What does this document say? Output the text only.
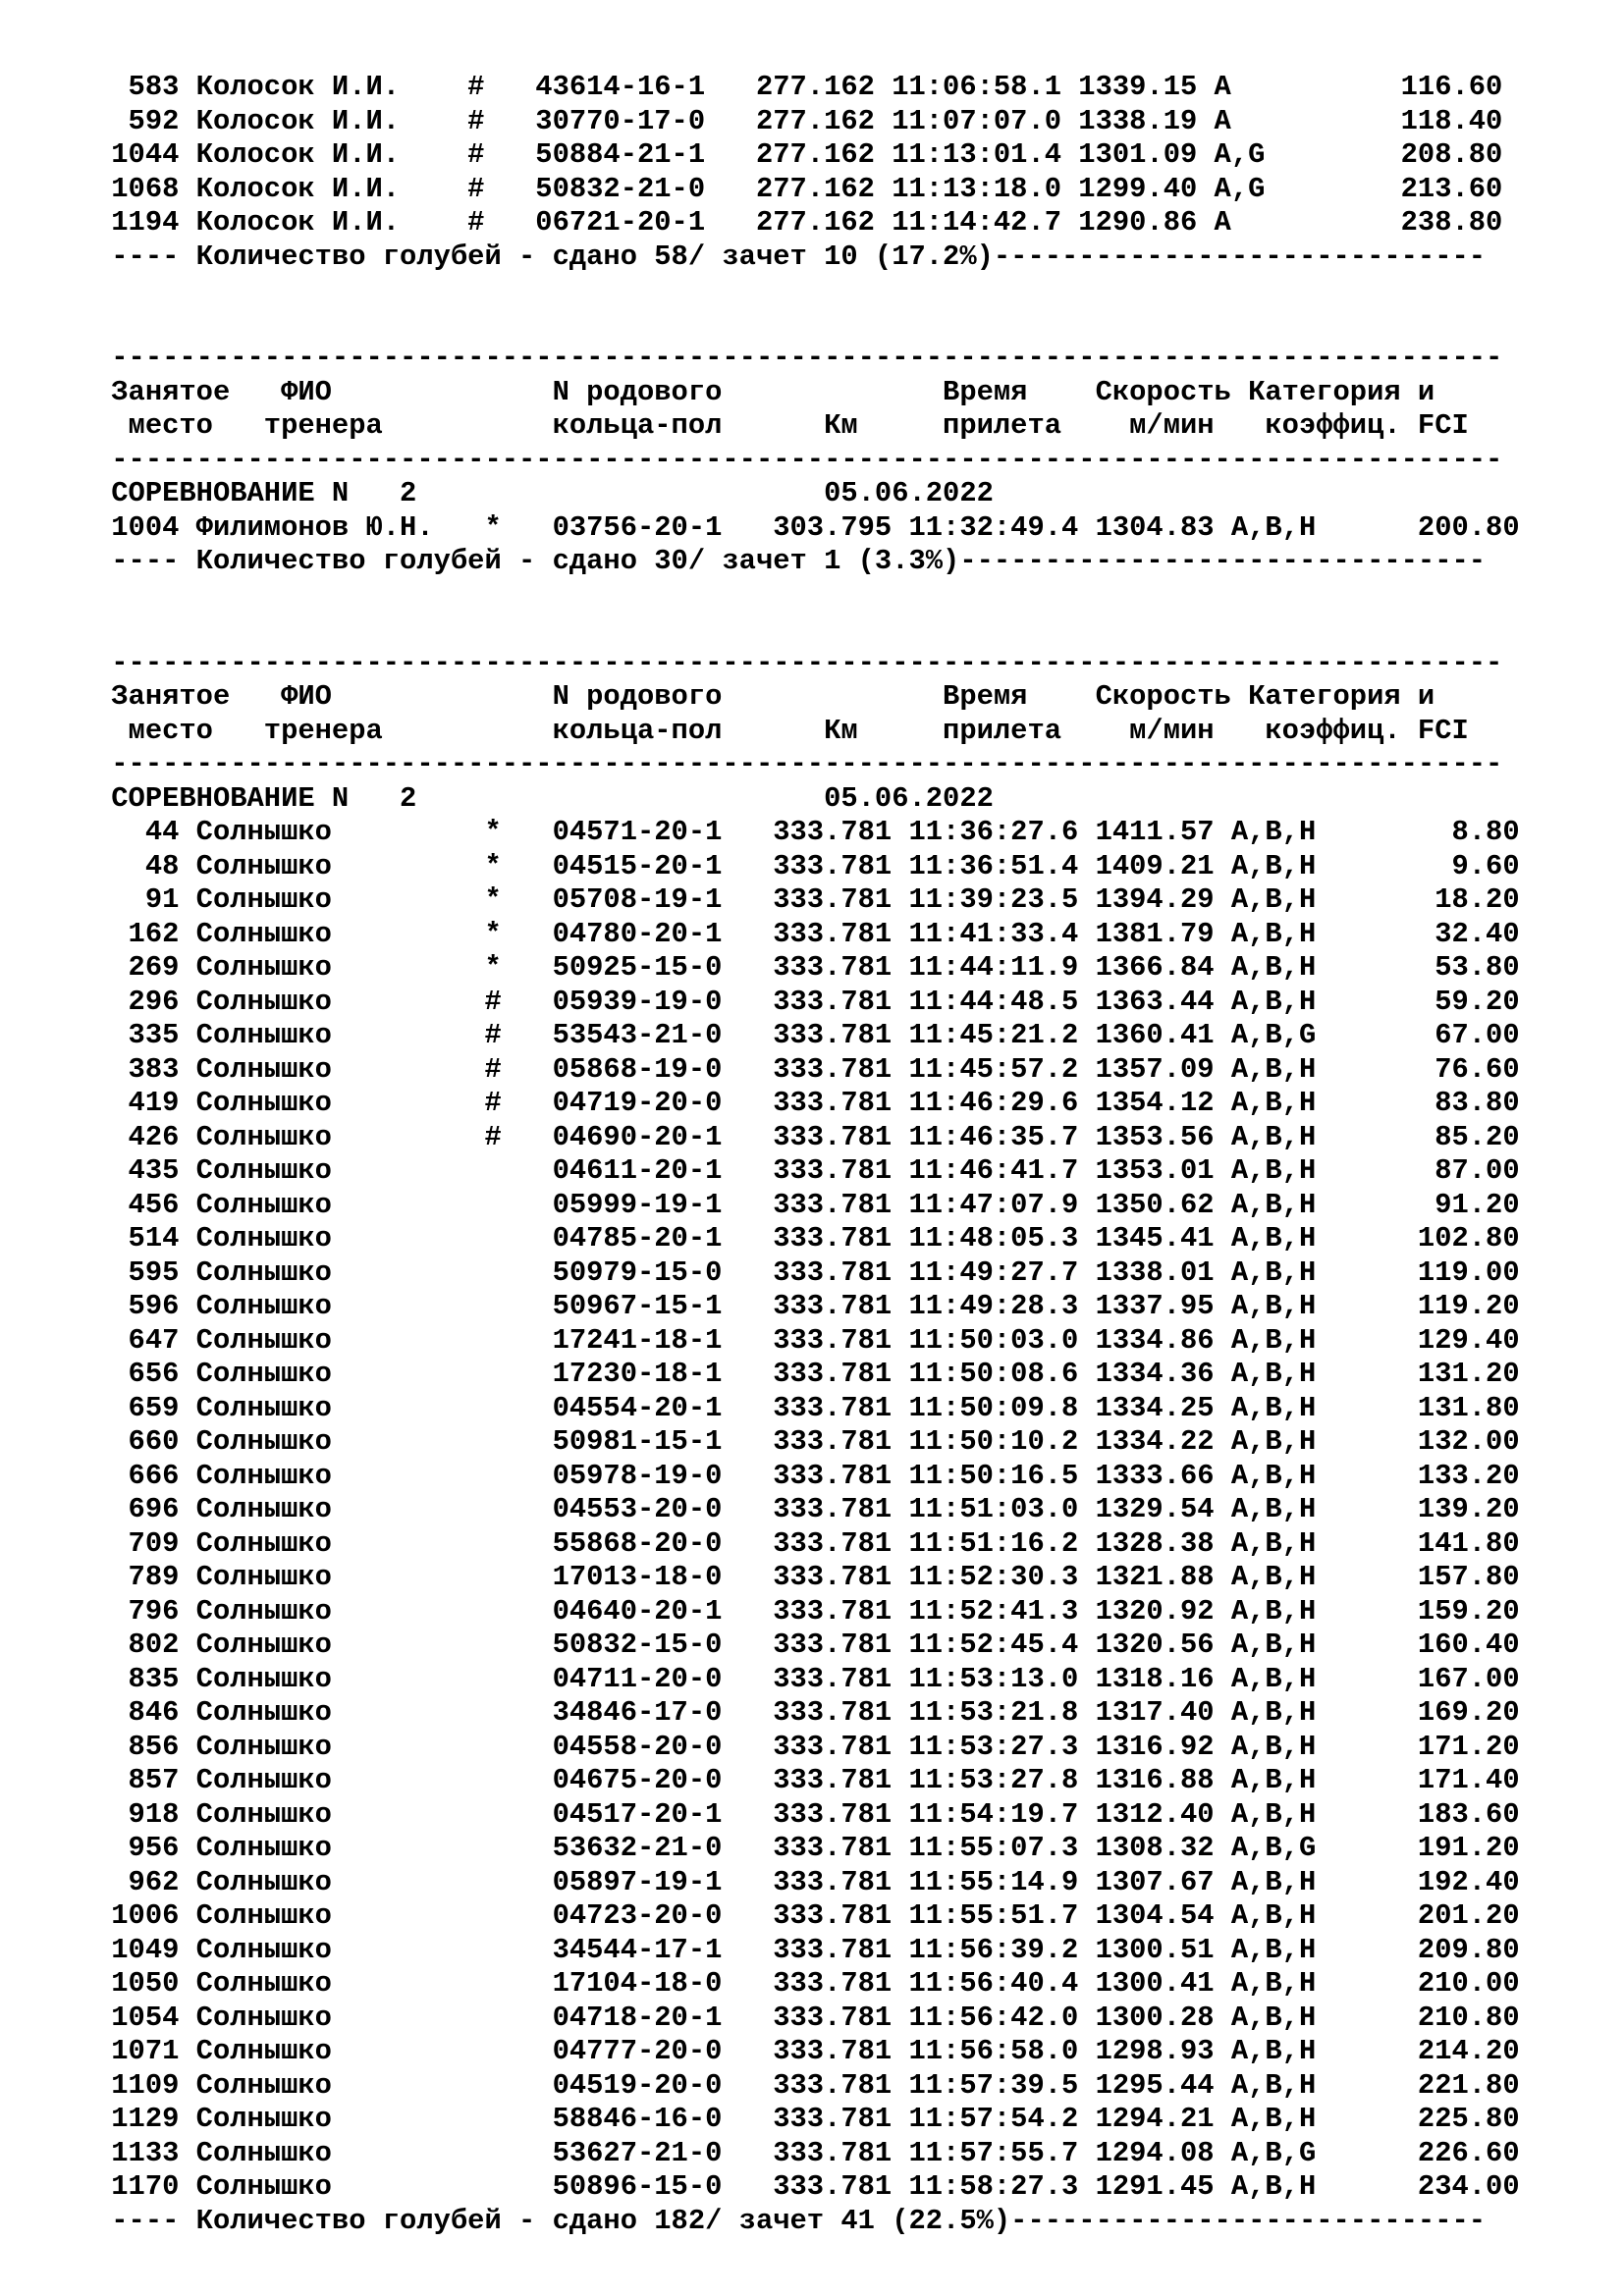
583 Колосок И.И.    #   43614-16-1   277.162 11:06:58.1 1339.15 A          116.60
592 Колосок И.И.    #   30770-17-0   277.162 11:07:07.0 1338.19 A          118.40
1044 Колосок И.И.    #   50884-21-1   277.162 11:13:01.4 1301.09 A,G        208.80
1068 Колосок И.И.    #   50832-21-0   277.162 11:13:18.0 1299.40 A,G        213.60
1194 Колосок И.И.    #   06721-20-1   277.162 11:14:42.7 1290.86 A          238.80
---- Количество голубей - сдано 58/ зачет 10 (17.2%)-----------------------------
----------------------------------------------------------------------------------
Занятое   ФИО             N родового             Время    Скорость Категория и
место   тренера          кольца-пол      Км     прилета    м/мин   коэффиц. FCI
----------------------------------------------------------------------------------
СОРЕВНОВАНИЕ N   2                        05.06.2022
1004 Филимонов Ю.Н.   *   03756-20-1   303.795 11:32:49.4 1304.83 A,B,H      200.80
---- Количество голубей - сдано 30/ зачет 1 (3.3%)-------------------------------
----------------------------------------------------------------------------------
Занятое   ФИО             N родового             Время    Скорость Категория и
место   тренера          кольца-пол      Км     прилета    м/мин   коэффиц. FCI
----------------------------------------------------------------------------------
СОРЕВНОВАНИЕ N   2                        05.06.2022
44 Солнышко         *   04571-20-1   333.781 11:36:27.6 1411.57 A,B,H        8.80
48 Солнышко         *   04515-20-1   333.781 11:36:51.4 1409.21 A,B,H        9.60
91 Солнышко         *   05708-19-1   333.781 11:39:23.5 1394.29 A,B,H       18.20
162 Солнышко         *   04780-20-1   333.781 11:41:33.4 1381.79 A,B,H       32.40
269 Солнышко         *   50925-15-0   333.781 11:44:11.9 1366.84 A,B,H       53.80
296 Солнышко         #   05939-19-0   333.781 11:44:48.5 1363.44 A,B,H       59.20
335 Солнышко         #   53543-21-0   333.781 11:45:21.2 1360.41 A,B,G       67.00
383 Солнышко         #   05868-19-0   333.781 11:45:57.2 1357.09 A,B,H       76.60
419 Солнышко         #   04719-20-0   333.781 11:46:29.6 1354.12 A,B,H       83.80
426 Солнышко         #   04690-20-1   333.781 11:46:35.7 1353.56 A,B,H       85.20
435 Солнышко             04611-20-1   333.781 11:46:41.7 1353.01 A,B,H       87.00
456 Солнышко             05999-19-1   333.781 11:47:07.9 1350.62 A,B,H       91.20
514 Солнышко             04785-20-1   333.781 11:48:05.3 1345.41 A,B,H      102.80
595 Солнышко             50979-15-0   333.781 11:49:27.7 1338.01 A,B,H      119.00
596 Солнышко             50967-15-1   333.781 11:49:28.3 1337.95 A,B,H      119.20
647 Солнышко             17241-18-1   333.781 11:50:03.0 1334.86 A,B,H      129.40
656 Солнышко             17230-18-1   333.781 11:50:08.6 1334.36 A,B,H      131.20
659 Солнышко             04554-20-1   333.781 11:50:09.8 1334.25 A,B,H      131.80
660 Солнышко             50981-15-1   333.781 11:50:10.2 1334.22 A,B,H      132.00
666 Солнышко             05978-19-0   333.781 11:50:16.5 1333.66 A,B,H      133.20
696 Солнышко             04553-20-0   333.781 11:51:03.0 1329.54 A,B,H      139.20
709 Солнышко             55868-20-0   333.781 11:51:16.2 1328.38 A,B,H      141.80
789 Солнышко             17013-18-0   333.781 11:52:30.3 1321.88 A,B,H      157.80
796 Солнышко             04640-20-1   333.781 11:52:41.3 1320.92 A,B,H      159.20
802 Солнышко             50832-15-0   333.781 11:52:45.4 1320.56 A,B,H      160.40
835 Солнышко             04711-20-0   333.781 11:53:13.0 1318.16 A,B,H      167.00
846 Солнышко             34846-17-0   333.781 11:53:21.8 1317.40 A,B,H      169.20
856 Солнышко             04558-20-0   333.781 11:53:27.3 1316.92 A,B,H      171.20
857 Солнышко             04675-20-0   333.781 11:53:27.8 1316.88 A,B,H      171.40
918 Солнышко             04517-20-1   333.781 11:54:19.7 1312.40 A,B,H      183.60
956 Солнышко             53632-21-0   333.781 11:55:07.3 1308.32 A,B,G      191.20
962 Солнышко             05897-19-1   333.781 11:55:14.9 1307.67 A,B,H      192.40
1006 Солнышко             04723-20-0   333.781 11:55:51.7 1304.54 A,B,H      201.20
1049 Солнышко             34544-17-1   333.781 11:56:39.2 1300.51 A,B,H      209.80
1050 Солнышко             17104-18-0   333.781 11:56:40.4 1300.41 A,B,H      210.00
1054 Солнышко             04718-20-1   333.781 11:56:42.0 1300.28 A,B,H      210.80
1071 Солнышко             04777-20-0   333.781 11:56:58.0 1298.93 A,B,H      214.20
1109 Солнышко             04519-20-0   333.781 11:57:39.5 1295.44 A,B,H      221.80
1129 Солнышко             58846-16-0   333.781 11:57:54.2 1294.21 A,B,H      225.80
1133 Солнышко             53627-21-0   333.781 11:57:55.7 1294.08 A,B,G      226.60
1170 Солнышко             50896-15-0   333.781 11:58:27.3 1291.45 A,B,H      234.00
---- Количество голубей - сдано 182/ зачет 41 (22.5%)----------------------------
